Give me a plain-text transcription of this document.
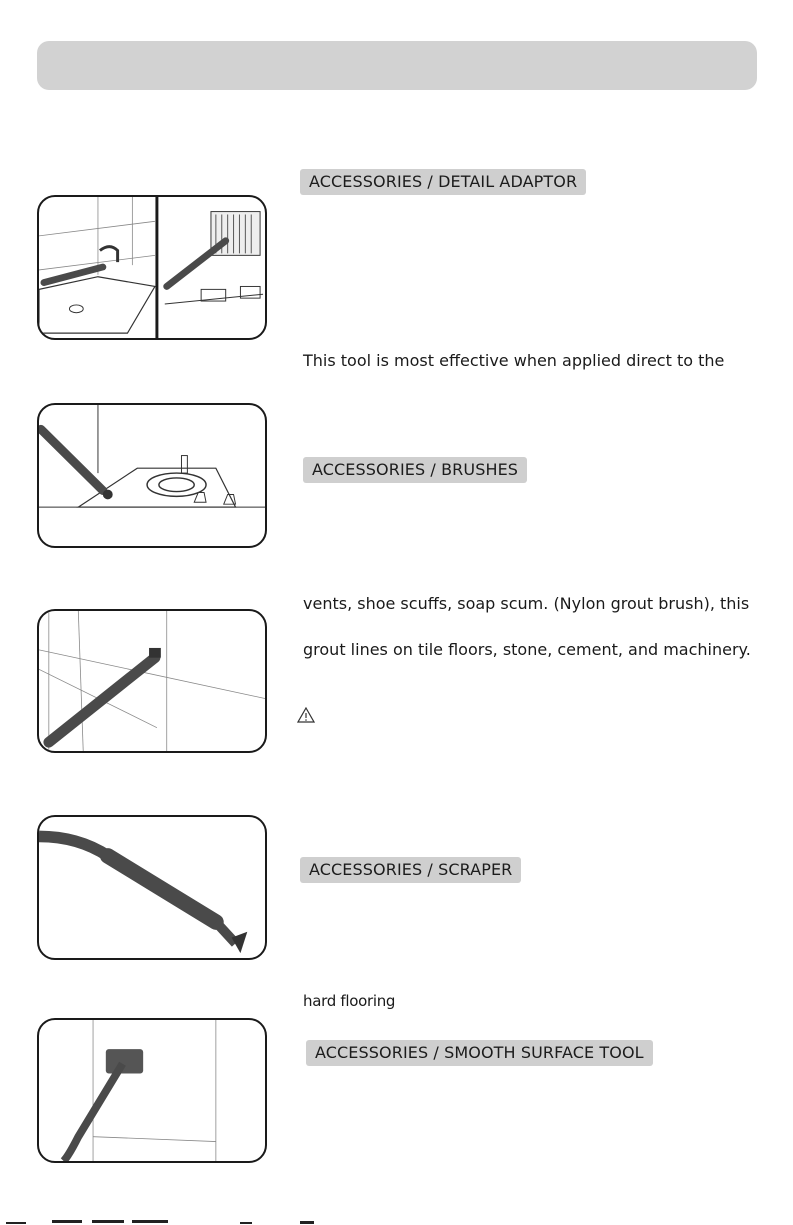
ACCESSORIES / DETAIL ADAPTOR
ACCESSORIES / BRUSHES
ACCESSORIES / SCRAPER
ACCESSORIES / SMOOTH SURFACE TOOL
This tool is most effective when applied direct to the
vents, shoe scuffs, soap scum. (Nylon grout brush), this
grout lines on tile floors, stone, cement, and machinery.
hard flooring
